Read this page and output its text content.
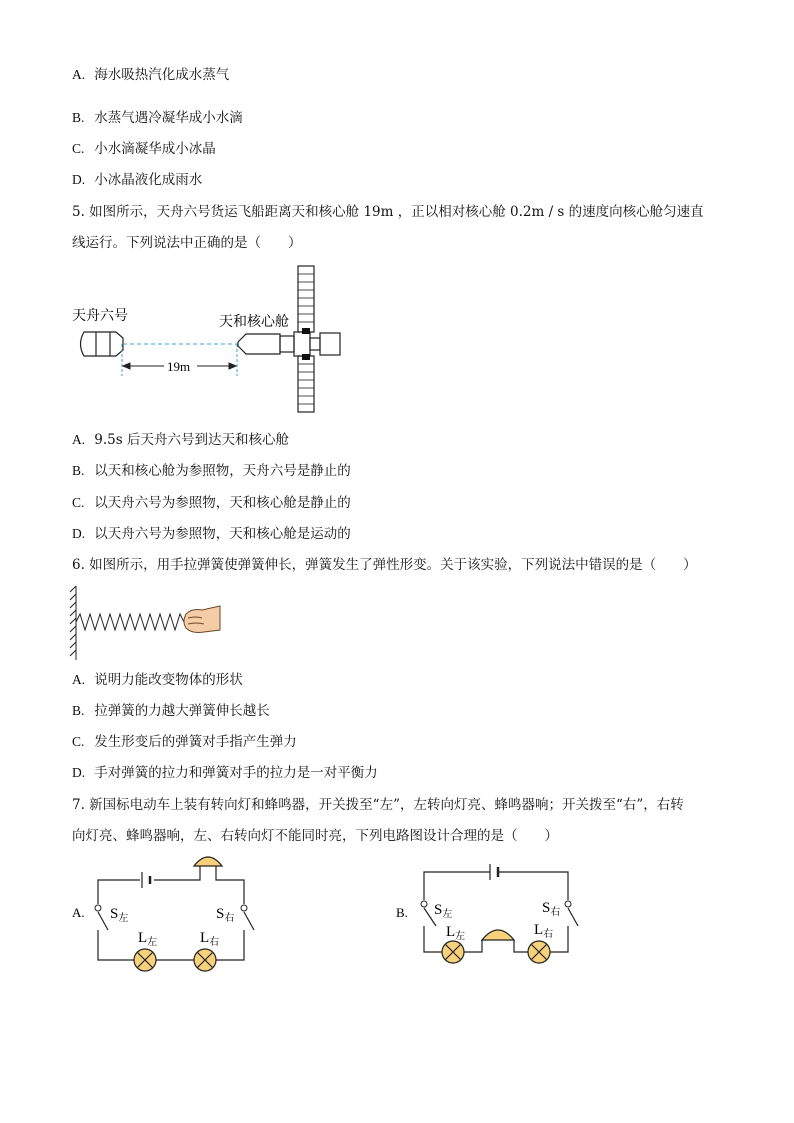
A. 海水吸热汽化成水蒸气
B. 水蒸气遇冷凝华成小水滴
C. 小水滴凝华成小冰晶
D. 小冰晶液化成雨水
5. 如图所示，天舟六号货运飞船距离天和核心舱 19m ，正以相对核心舱 0.2m / s 的速度向核心舱匀速直
线运行。下列说法中正确的是（　　）
天舟六号	天和核心舱
19m
A. 9.5s 后天舟六号到达天和核心舱
B. 以天和核心舱为参照物，天舟六号是静止的
C. 以天舟六号为参照物，天和核心舱是静止的
D. 以天舟六号为参照物，天和核心舱是运动的
6. 如图所示，用手拉弹簧使弹簧伸长，弹簧发生了弹性形变。关于该实验，下列说法中错误的是（　　）
A. 说明力能改变物体的形状
B. 拉弹簧的力越大弹簧伸长越长
C. 发生形变后的弹簧对手指产生弹力
D. 手对弹簧的拉力和弹簧对手的拉力是一对平衡力
7. 新国标电动车上装有转向灯和蜂鸣器，开关拨至“左”，左转向灯亮、蜂鸣器响；开关拨至“右”，右转
向灯亮、蜂鸣器响，左、右转向灯不能同时亮，下列电路图设计合理的是（　　）
A. $S_左$	$S_右$
$L_左$	$L_右$
B. $S_左$	$S_右$
$L_左$	$L_右$
